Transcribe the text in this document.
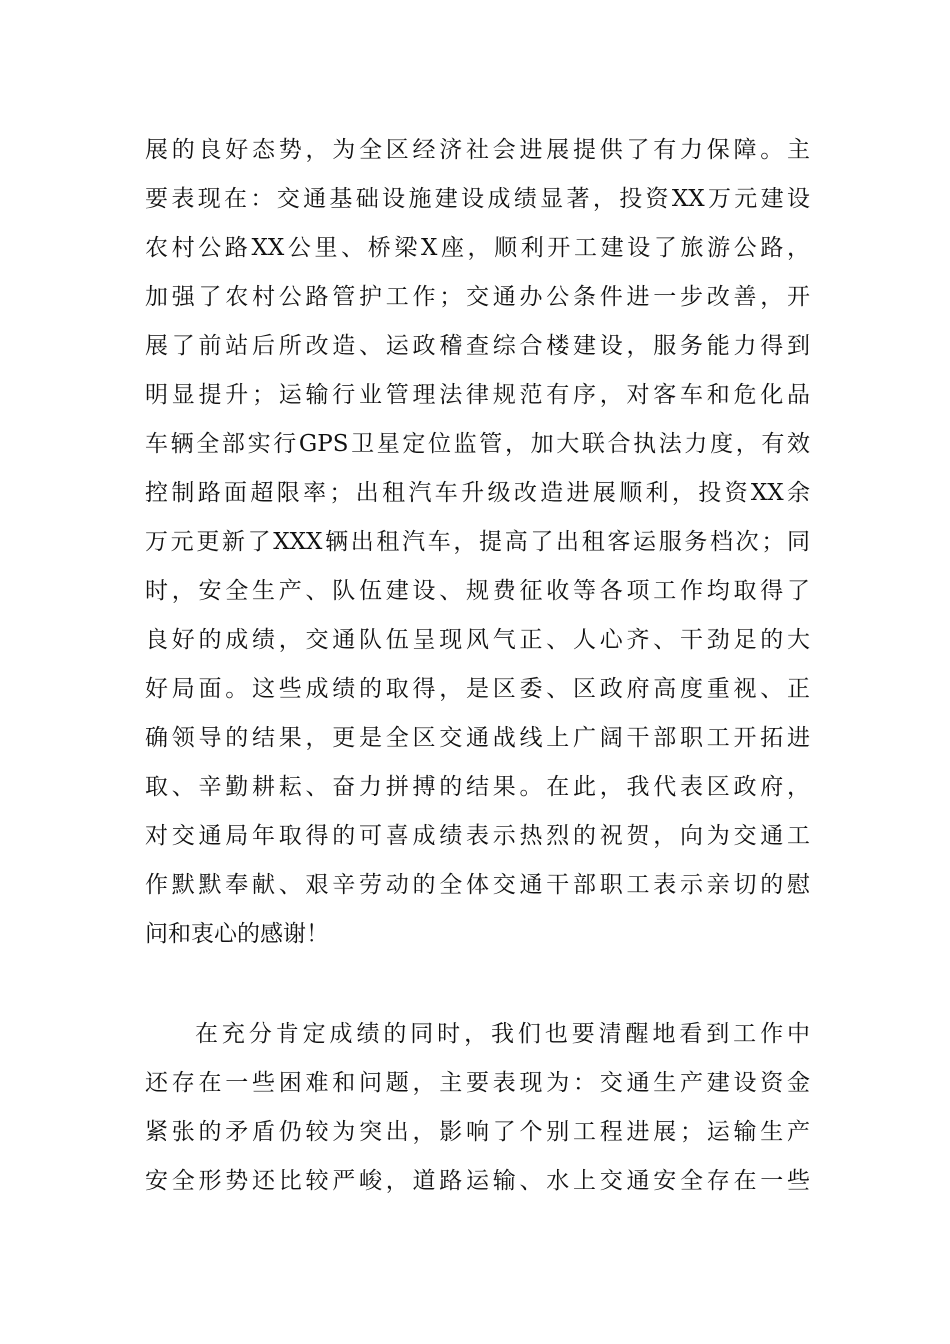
展的良好态势，为全区经济社会进展提供了有力保障。主
要表现在：交通基础设施建设成绩显著，投资XX万元建设
农村公路XX公里、桥梁X座，顺利开工建设了旅游公路，
加强了农村公路管护工作；交通办公条件进一步改善，开
展了前站后所改造、运政稽查综合楼建设，服务能力得到
明显提升；运输行业管理法律规范有序，对客车和危化品
车辆全部实行GPS卫星定位监管，加大联合执法力度，有效
控制路面超限率；出租汽车升级改造进展顺利，投资XX余
万元更新了XXX辆出租汽车，提高了出租客运服务档次；同
时，安全生产、队伍建设、规费征收等各项工作均取得了
良好的成绩，交通队伍呈现风气正、人心齐、干劲足的大
好局面。这些成绩的取得，是区委、区政府高度重视、正
确领导的结果，更是全区交通战线上广阔干部职工开拓进
取、辛勤耕耘、奋力拼搏的结果。在此，我代表区政府，
对交通局年取得的可喜成绩表示热烈的祝贺，向为交通工
作默默奉献、艰辛劳动的全体交通干部职工表示亲切的慰
问和衷心的感谢！
在充分肯定成绩的同时，我们也要清醒地看到工作中
还存在一些困难和问题，主要表现为：交通生产建设资金
紧张的矛盾仍较为突出，影响了个别工程进展；运输生产
安全形势还比较严峻，道路运输、水上交通安全存在一些
